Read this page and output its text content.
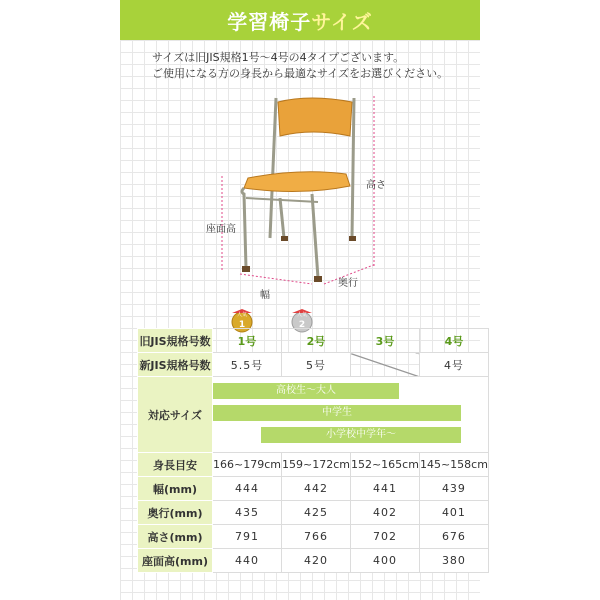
学習椅子 サイズ
サイズは旧JIS規格1号〜4号の4タイプございます。
ご使用になる方の身長から最適なサイズをお選びください。
高さ
座面高
幅
奥行
人気
1
人気
2
旧JIS規格号数	1号	2号	3号	4号
新JIS規格号数	5.5号	5号		4号
対応サイズ	高校生〜大人
中学生
小学校中学年〜			

身長目安	166~179cm	159~172cm	152~165cm	145~158cm
幅(mm)	444	442	441	439
奥行(mm)	435	425	402	401
高さ(mm)	791	766	702	676
座面高(mm)	440	420	400	380
